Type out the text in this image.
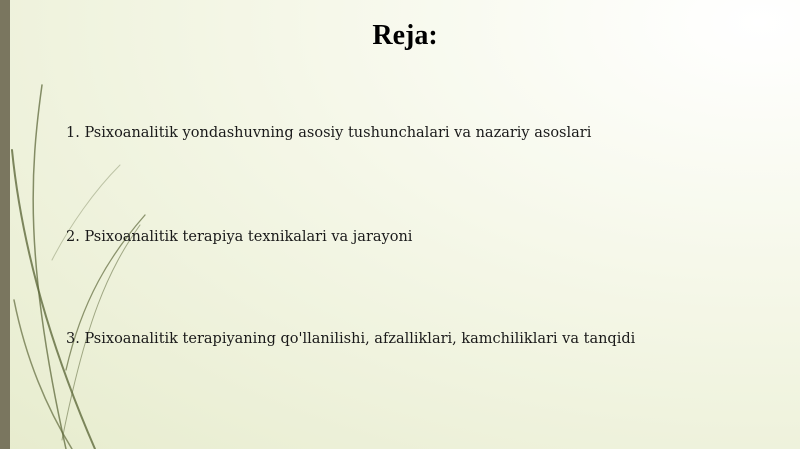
Reja:
1. Psixoanalitik yondashuvning asosiy tushunchalari va nazariy asoslari
2. Psixoanalitik terapiya texnikalari va jarayoni
3. Psixoanalitik terapiyaning qo'llanilishi, afzalliklari, kamchiliklari va tanqidi
